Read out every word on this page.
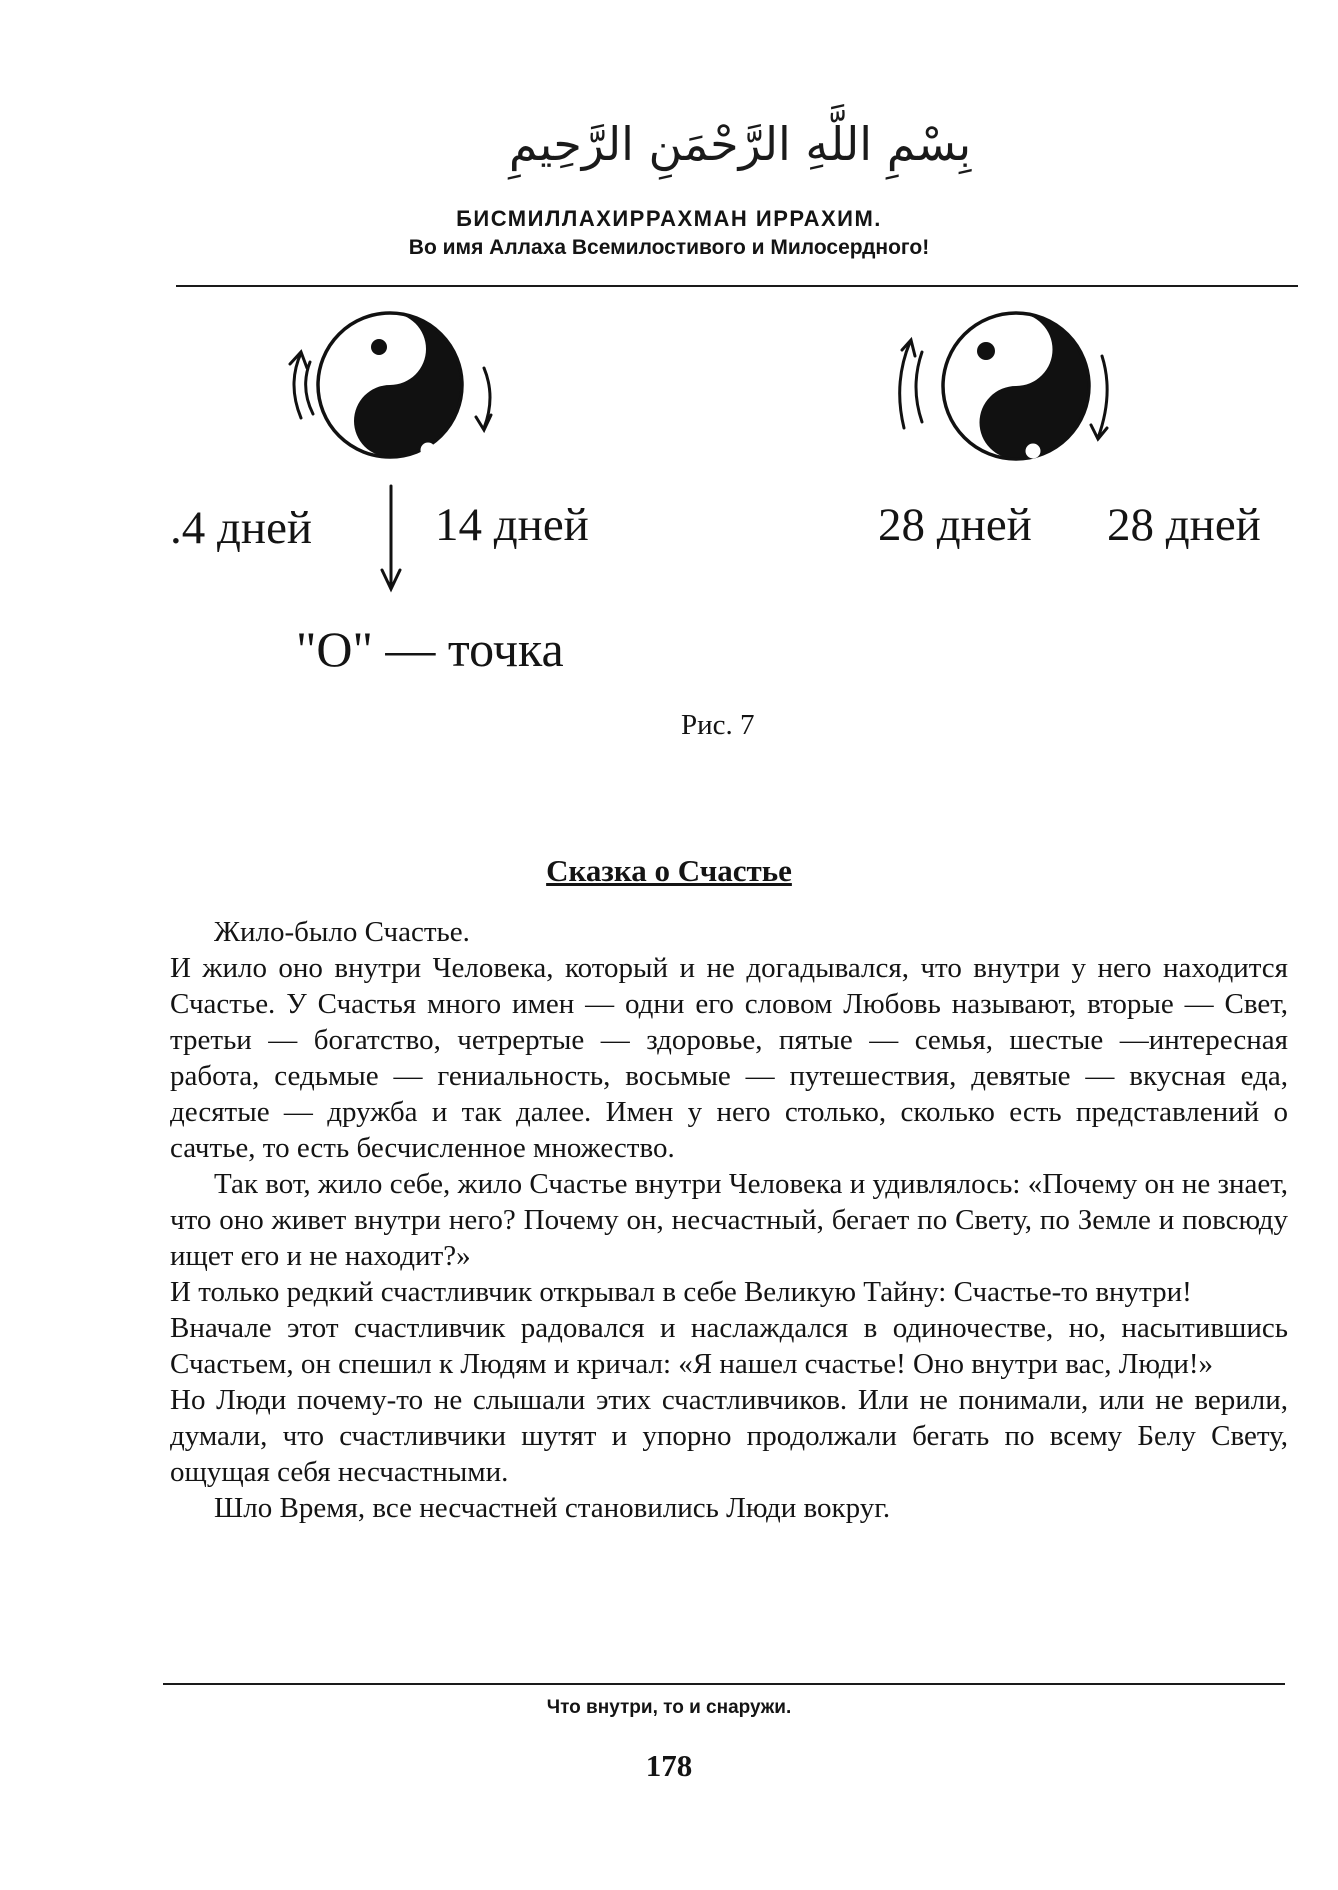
بِسْمِ اللَّهِ الرَّحْمَنِ الرَّحِيمِ
БИСМИЛЛАХИРРАХМАН ИРРАХИМ.
Во имя Аллаха Всемилостивого и Милосердного!
.4 дней	14 дней	28 дней 28 дней
"О" — точка
Рис. 7
Сказка о Счастье

Жило-было Счастье.

И жило оно внутри Человека, который и не догадывался, что внутри у него находится Счастье. У Счастья много имен — одни его словом Любовь называют, вторые — Свет, третьи — богатство, четрертые — здоровье, пятые — семья, шестые —интересная работа, седьмые — гениальность, восьмые — путешествия, девятые — вкусная еда, десятые — дружба и так далее. Имен у него столько, сколько есть представлений о сачтье, то есть бесчисленное множество.

Так вот, жило себе, жило Счастье внутри Человека и удивлялось: «Почему он не знает, что оно живет внутри него? Почему он, несчастный, бегает по Свету, по Земле и повсюду ищет его и не находит?»

И только редкий счастливчик открывал в себе Великую Тайну: Счастье-то внутри!

Вначале этот счастливчик радовался и наслаждался в одиночестве, но, насытившись Счастьем, он спешил к Людям и кричал: «Я нашел счастье! Оно внутри вас, Люди!»

Но Люди почему-то не слышали этих счастливчиков. Или не понимали, или не верили, думали, что счастливчики шутят и упорно продолжали бегать по всему Белу Свету, ощущая себя несчастными.

Шло Время, все несчастней становились Люди вокруг.

Что внутри, то и снаружи.
178
